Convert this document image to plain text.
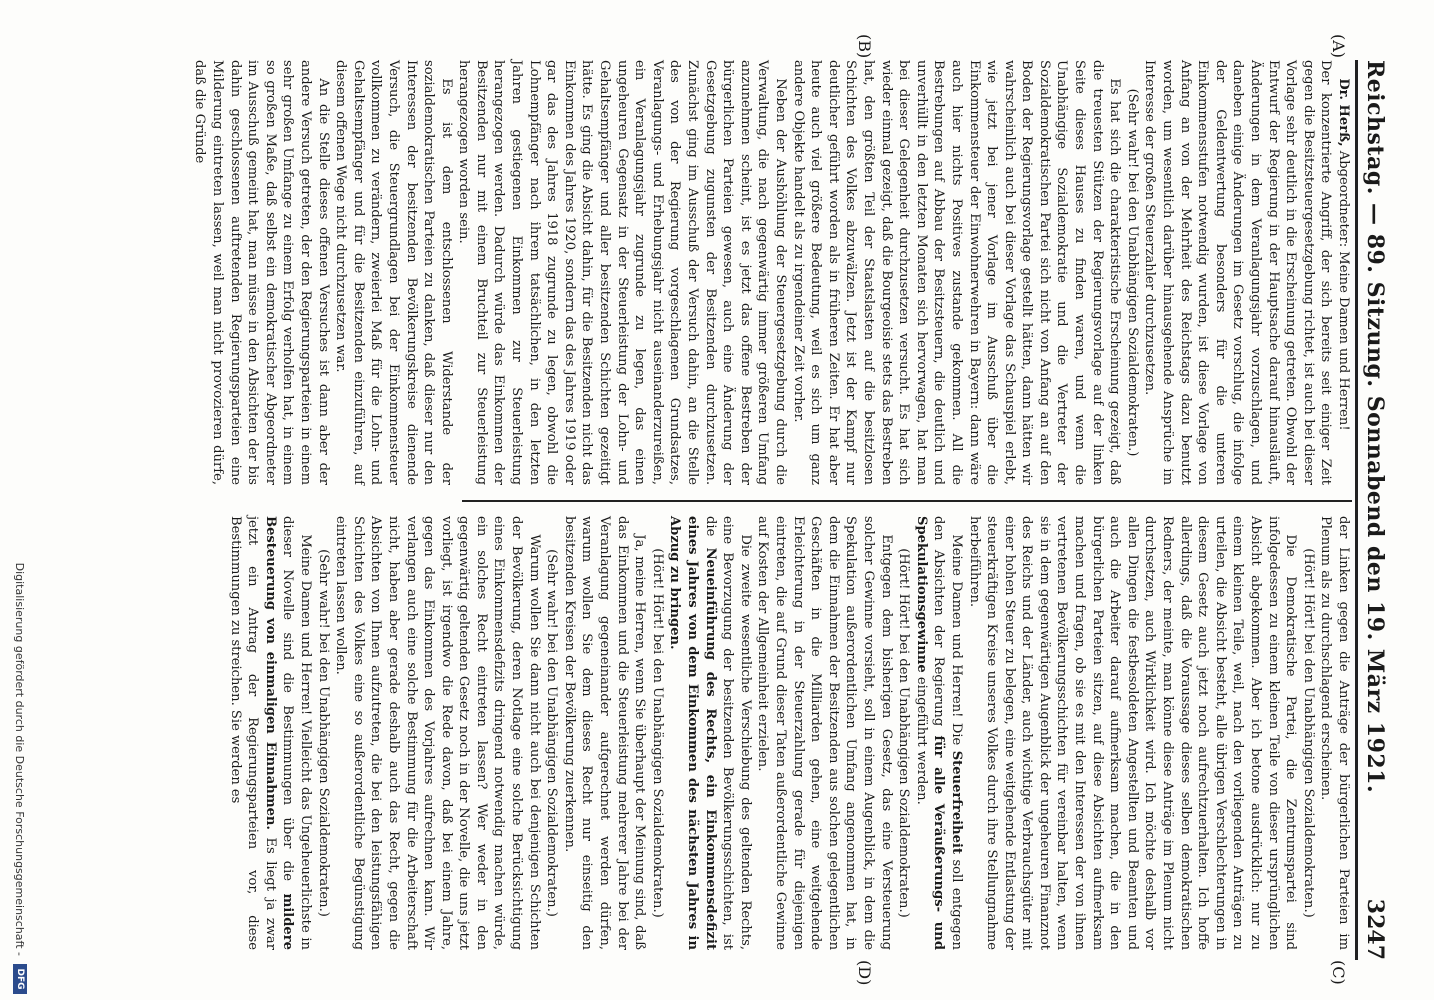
Reichstag. — 89. Sitzung. Sonnabend den 19. März 1921.
3247
(A)
(B)
(C)
(D)

Dr. Herß, Abgeordneter: Meine Damen und Herren!

Der konzentrierte Angriff, der sich bereits seit einiger Zeit gegen die Besitzsteuergesetzgebung richtet, ist auch bei dieser Vorlage sehr deutlich in die Erscheinung getreten. Obwohl der Entwurf der Regierung in der Hauptsache darauf hinausläuft, Änderungen in dem Veranlagungsjahr vorzuschlagen, und daneben einige Änderungen im Gesetz vorschlug, die infolge der Geldentwertung besonders für die unteren Einkommensstufen notwendig wurden, ist diese Vorlage von Anfang an von der Mehrheit des Reichstags dazu benutzt worden, um wesentlich darüber hinausgehende Ansprüche im Interesse der großen Steuerzahler durchzusetzen.

(Sehr wahr! bei den Unabhängigen Sozialdemokraten.)

Es hat sich die charakteristische Erscheinung gezeigt, daß die treuesten Stützen der Regierungsvorlage auf der linken Seite dieses Hauses zu finden waren, und wenn die Unabhängige Sozialdemokratie und die Vertreter der Sozialdemokratischen Partei sich nicht von Anfang an auf den Boden der Regierungsvorlage gestellt hätten, dann hätten wir wahrscheinlich auch bei dieser Vorlage das Schauspiel erlebt, wie jetzt bei jener Vorlage im Ausschuß über die Einkommensteuer der Einwohnerwehren in Bayern: dann wäre auch hier nichts Positives zustande gekommen. All die Bestrebungen auf Abbau der Besitzsteuern, die deutlich und unverhüllt in den letzten Monaten sich hervorwagen, hat man bei dieser Gelegenheit durchzusetzen versucht. Es hat sich wieder einmal gezeigt, daß die Bourgeoisie stets das Bestreben hat, den größten Teil der Staatslasten auf die besitzlosen Schichten des Volkes abzuwälzen. Jetzt ist der Kampf nur deutlicher geführt worden als in früheren Zeiten. Er hat aber heute auch viel größere Bedeutung, weil es sich um ganz andere Objekte handelt als zu irgendeiner Zeit vorher.

Neben der Aushöhlung der Steuergesetzgebung durch die Verwaltung, die nach gegenwärtig immer größeren Umfang anzunehmen scheint, ist es jetzt das offene Bestreben der bürgerlichen Parteien gewesen, auch eine Änderung der Gesetzgebung zugunsten der Besitzenden durchzusetzen. Zunächst ging im Ausschuß der Versuch dahin, an die Stelle des von der Regierung vorgeschlagenen Grundsatzes, Veranlagungs- und Erhebungsjahr nicht auseinanderzureißen, ein Veranlagungsjahr zugrunde zu legen, das einen ungeheuren Gegensatz in der Steuerleistung der Lohn- und Gehaltsempfänger und aller besitzenden Schichten gezeitigt hätte. Es ging die Absicht dahin, für die Besitzenden nicht das Einkommen des Jahres 1920, sondern das des Jahres 1919 oder gar das des Jahres 1918 zugrunde zu legen, obwohl die Lohnempfänger nach ihrem tatsächlichen, in den letzten Jahren gestiegenen Einkommen zur Steuerleistung herangezogen werden. Dadurch würde das Einkommen der Besitzenden nur mit einem Bruchteil zur Steuerleistung herangezogen worden sein.

Es ist dem entschlossenen Widerstande der sozialdemokratischen Parteien zu danken, daß dieser nur den Interessen der besitzenden Bevölkerungskreise dienende Versuch, die Steuergrundlagen bei der Einkommensteuer vollkommen zu verändern, zweierlei Maß für die Lohn- und Gehaltsempfänger und für die Besitzenden einzuführen, auf diesem offenen Wege nicht durchzusetzen war.

An die Stelle dieses offenen Versuches ist dann aber der andere Versuch getreten, der den Regierungsparteien in einem sehr großen Umfange zu einem Erfolg verholfen hat, in einem so großen Maße, daß selbst ein demokratischer Abgeordneter im Ausschuß gemeint hat, man müsse in den Absichten der bis dahin geschlossenen auftretenden Regierungsparteien eine Milderung eintreten lassen, weil man nicht provozieren dürfe, daß die Gründe

der Linken gegen die Anträge der bürgerlichen Parteien im Plenum als zu durchschlagend erscheinen.

(Hört! Hört! bei den Unabhängigen Sozialdemokraten.)

Die Demokratische Partei, die Zentrumspartei sind infolgedessen zu einem kleinen Teile von dieser ursprünglichen Absicht abgekommen. Aber ich betone ausdrücklich: nur zu einem kleinen Teile, weil, nach den vorliegenden Anträgen zu urteilen, die Absicht besteht, alle übrigen Verschlechterungen in diesem Gesetz auch jetzt noch aufrechtzuerhalten. Ich hoffe allerdings, daß die Voraussage dieses selben demokratischen Redners, der meinte, man könne diese Anträge im Plenum nicht durchsetzen, auch Wirklichkeit wird. Ich möchte deshalb vor allen Dingen die festbesoldeten Angestellten und Beamten und auch die Arbeiter darauf aufmerksam machen, die in den bürgerlichen Parteien sitzen, auf diese Absichten aufmerksam machen und fragen, ob sie es mit den Interessen der von ihnen vertretenen Bevölkerungsschichten für vereinbar halten, wenn sie in dem gegenwärtigen Augenblick der ungeheuren Finanznot des Reichs und der Länder, auch wichtige Verbrauchsgüter mit einer hohen Steuer zu belegen, eine weitgehende Entlastung der steuerkräftigen Kreise unseres Volkes durch ihre Stellungnahme herbeiführen.

Meine Damen und Herren! Die Steuerfreiheit soll entgegen den Absichten der Regierung für alle Veräußerungs- und Spekulationsgewinne eingeführt werden.

(Hört! Hört! bei den Unabhängigen Sozialdemokraten.)

Entgegen dem bisherigen Gesetz, das eine Versteuerung solcher Gewinne vorsieht, soll in einem Augenblick, in dem die Spekulation außerordentlichen Umfang angenommen hat, in dem die Einnahmen der Besitzenden aus solchen gelegentlichen Geschäften in die Milliarden gehen, eine weitgehende Erleichterung in der Steuerzahlung gerade für diejenigen eintreten, die auf Grund dieser Taten außerordentliche Gewinne auf Kosten der Allgemeinheit erzielen.

Die zweite wesentliche Verschiebung des geltenden Rechts, eine Bevorzugung der besitzenden Bevölkerungsschichten, ist die Neueinführung des Rechts, ein Einkommensdefizit eines Jahres von dem Einkommen des nächsten Jahres in Abzug zu bringen.

(Hört! Hört! bei den Unabhängigen Sozialdemokraten.)

Ja, meine Herren, wenn Sie überhaupt der Meinung sind, daß das Einkommen und die Steuerleistung mehrerer Jahre bei der Veranlagung gegeneinander aufgerechnet werden dürfen, warum wollen Sie dem dieses Recht nur einseitig den besitzenden Kreisen der Bevölkerung zuerkennen.

(Sehr wahr! bei den Unabhängigen Sozialdemokraten.)

Warum wollen Sie dann nicht auch bei denjenigen Schichten der Bevölkerung, deren Notlage eine solche Berücksichtigung eines Einkommensdefizits dringend notwendig machen würde, ein solches Recht eintreten lassen? Wer weder in den gegenwärtig geltenden Gesetz noch in der Novelle, die uns jetzt vorliegt, ist irgendwo die Rede davon, daß bei einem Jahre, gegen das Einkommen des Vorjahres aufrechnen kann. Wir verlangen auch eine solche Bestimmung für die Arbeiterschaft nicht, haben aber gerade deshalb auch das Recht, gegen die Absichten von Ihnen aufzutreten, die bei den leistungsfähigen Schichten des Volkes eine so außerordentliche Begünstigung eintreten lassen wollen.

(Sehr wahr! bei den Unabhängigen Sozialdemokraten.)

Meine Damen und Herren! Vielleicht das Ungeheuerlichste in dieser Novelle sind die Bestimmungen über die mildere Besteuerung von einmaligen Einnahmen. Es liegt ja zwar jetzt ein Antrag der Regierungsparteien vor, diese Bestimmungen zu streichen. Sie werden es

Digitalisierung gefördert durch die Deutsche Forschungsgemeinschaft -
DFG
